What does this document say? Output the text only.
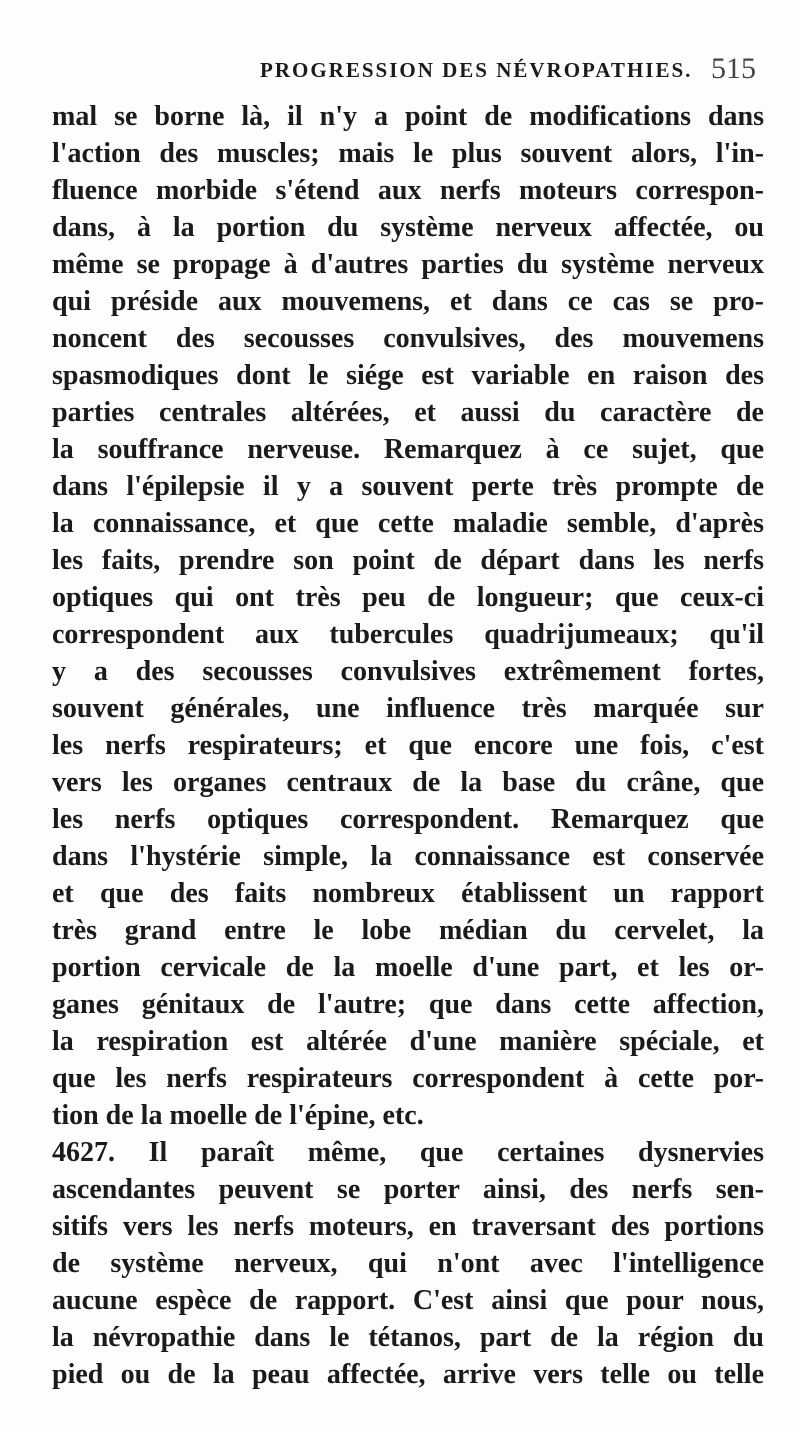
PROGRESSION DES NÉVROPATHIES. 515
mal se borne là, il n'y a point de modifications dans
l'action des muscles; mais le plus souvent alors, l'in-
fluence morbide s'étend aux nerfs moteurs correspon-
dans, à la portion du système nerveux affectée, ou
même se propage à d'autres parties du système nerveux
qui préside aux mouvemens, et dans ce cas se pro-
noncent des secousses convulsives, des mouvemens
spasmodiques dont le siége est variable en raison des
parties centrales altérées, et aussi du caractère de
la souffrance nerveuse. Remarquez à ce sujet, que
dans l'épilepsie il y a souvent perte très prompte de
la connaissance, et que cette maladie semble, d'après
les faits, prendre son point de départ dans les nerfs
optiques qui ont très peu de longueur; que ceux-ci
correspondent aux tubercules quadrijumeaux; qu'il
y a des secousses convulsives extrêmement fortes,
souvent générales, une influence très marquée sur
les nerfs respirateurs; et que encore une fois, c'est
vers les organes centraux de la base du crâne, que
les nerfs optiques correspondent. Remarquez que
dans l'hystérie simple, la connaissance est conservée
et que des faits nombreux établissent un rapport
très grand entre le lobe médian du cervelet, la
portion cervicale de la moelle d'une part, et les or-
ganes génitaux de l'autre; que dans cette affection,
la respiration est altérée d'une manière spéciale, et
que les nerfs respirateurs correspondent à cette por-
tion de la moelle de l'épine, etc.
4627. Il paraît même, que certaines dysnervies
ascendantes peuvent se porter ainsi, des nerfs sen-
sitifs vers les nerfs moteurs, en traversant des portions
de système nerveux, qui n'ont avec l'intelligence
aucune espèce de rapport. C'est ainsi que pour nous,
la névropathie dans le tétanos, part de la région du
pied ou de la peau affectée, arrive vers telle ou telle
